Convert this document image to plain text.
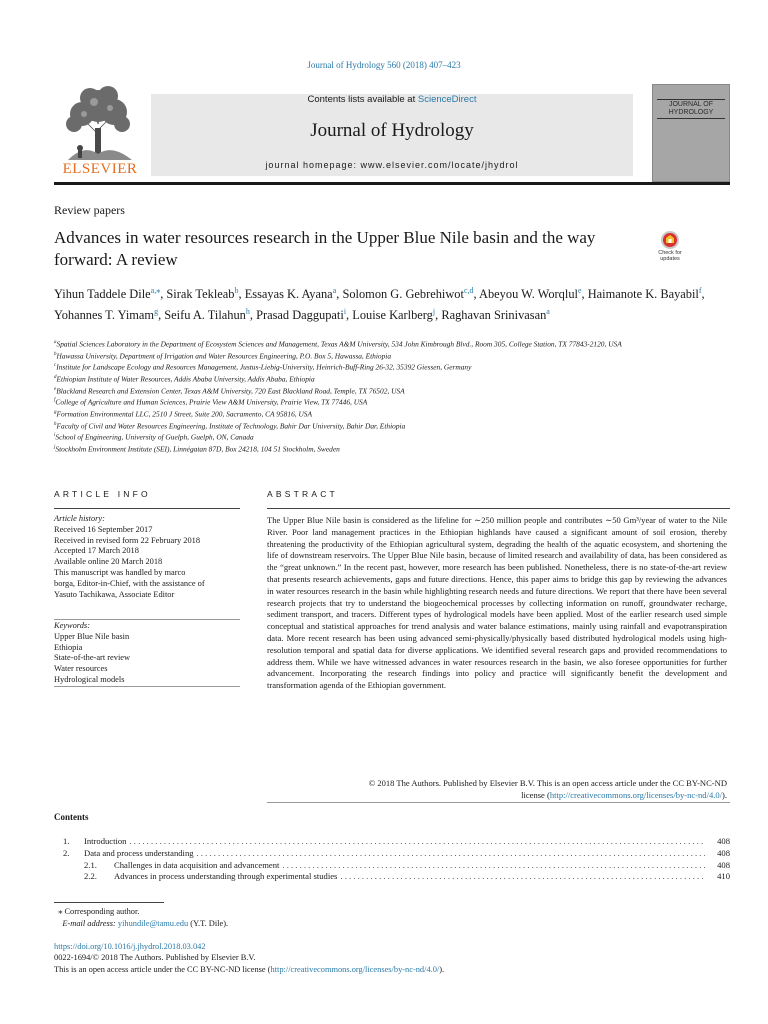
Journal of Hydrology 560 (2018) 407–423
ELSEVIER
Contents lists available at ScienceDirect
Journal of Hydrology
journal homepage: www.elsevier.com/locate/jhydrol
JOURNAL OF HYDROLOGY
Review papers
Advances in water resources research in the Upper Blue Nile basin and the way forward: A review	Check for updates
Yihun Taddele Dile$^{a,⁎}$, Sirak Tekleab$^b$, Essayas K. Ayana$^a$, Solomon G. Gebrehiwot$^{c,d}$, Abeyou W. Worqlul$^e$, Haimanote K. Bayabil$^f$, Yohannes T. Yimam$^g$, Seifu A. Tilahun$^h$, Prasad Daggupati$^i$, Louise Karlberg$^j$, Raghavan Srinivasan$^a$
$^a$Spatial Sciences Laboratory in the Department of Ecosystem Sciences and Management, Texas A&M University, 534 John Kimbrough Blvd., Room 305, College Station, TX 77843-2120, USA
$^b$Hawassa University, Department of Irrigation and Water Resources Engineering, P.O. Box 5, Hawassa, Ethiopia
$^c$Institute for Landscape Ecology and Resources Management, Justus-Liebig-University, Heinrich-Buff-Ring 26-32, 35392 Giessen, Germany
$^d$Ethiopian Institute of Water Resources, Addis Ababa University, Addis Ababa, Ethiopia
$^e$Blackland Research and Extension Center, Texas A&M University, 720 East Blackland Road, Temple, TX 76502, USA
$^f$College of Agriculture and Human Sciences, Prairie View A&M University, Prairie View, TX 77446, USA
$^g$Formation Environmental LLC, 2510 J Street, Suite 200, Sacramento, CA 95816, USA
$^h$Faculty of Civil and Water Resources Engineering, Institute of Technology, Bahir Dar University, Bahir Dar, Ethiopia
$^i$School of Engineering, University of Guelph, Guelph, ON, Canada
$^j$Stockholm Environment Institute (SEI), Linnégatan 87D, Box 24218, 104 51 Stockholm, Sweden
ARTICLE INFO	ABSTRACT
Article history:
Received 16 September 2017
Received in revised form 22 February 2018
Accepted 17 March 2018
Available online 20 March 2018
This manuscript was handled by marco
borga, Editor-in-Chief, with the assistance of
Yasuto Tachikawa, Associate Editor
Keywords:
Upper Blue Nile basin
Ethiopia
State-of-the-art review
Water resources
Hydrological models
The Upper Blue Nile basin is considered as the lifeline for ∼250 million people and contributes ∼50 Gm³/year of water to the Nile River. Poor land management practices in the Ethiopian highlands have caused a significant amount of soil erosion, thereby threatening the productivity of the Ethiopian agricultural system, degrading the health of the aquatic ecosystem, and shortening the life of downstream reservoirs. The Upper Blue Nile basin, because of limited research and availability of data, has been considered as the “great unknown.” In the recent past, however, more research has been published. Nonetheless, there is no state-of-the-art review that presents research achievements, gaps and future directions. Hence, this paper aims to bridge this gap by reviewing the advances in water resources research in the basin while highlighting research needs and future directions. We report that there have been several research projects that try to understand the biogeochemical processes by collecting information on runoff, groundwater recharge, sediment transport, and tracers. Different types of hydrological models have been applied. Most of the earlier research used simple conceptual and statistical approaches for trend analysis and water balance estimations, mainly using rainfall and evapotranspiration data. More recent research has been using advanced semi-physically/physically based distributed hydrological models using high-resolution temporal and spatial data for diverse applications. We identified several research gaps and provided recommendations to address them. While we have witnessed advances in water resources research in the basin, we also foresee opportunities for further advancement. Incorporating the research findings into policy and practice will significantly benefit the development and transformation agenda of the Ethiopian government.
© 2018 The Authors. Published by Elsevier B.V. This is an open access article under the CC BY-NC-ND
license (http://creativecommons.org/licenses/by-nc-nd/4.0/).
Contents
1.	Introduction . . .	408
2.	Data and process understanding . . .	408
2.1.	Challenges in data acquisition and advancement . . .	408
2.2.	Advances in process understanding through experimental studies . . .	410
⁎ Corresponding author.
E-mail address: yihundile@tamu.edu (Y.T. Dile).
https://doi.org/10.1016/j.jhydrol.2018.03.042
0022-1694/© 2018 The Authors. Published by Elsevier B.V.
This is an open access article under the CC BY-NC-ND license (http://creativecommons.org/licenses/by-nc-nd/4.0/).
